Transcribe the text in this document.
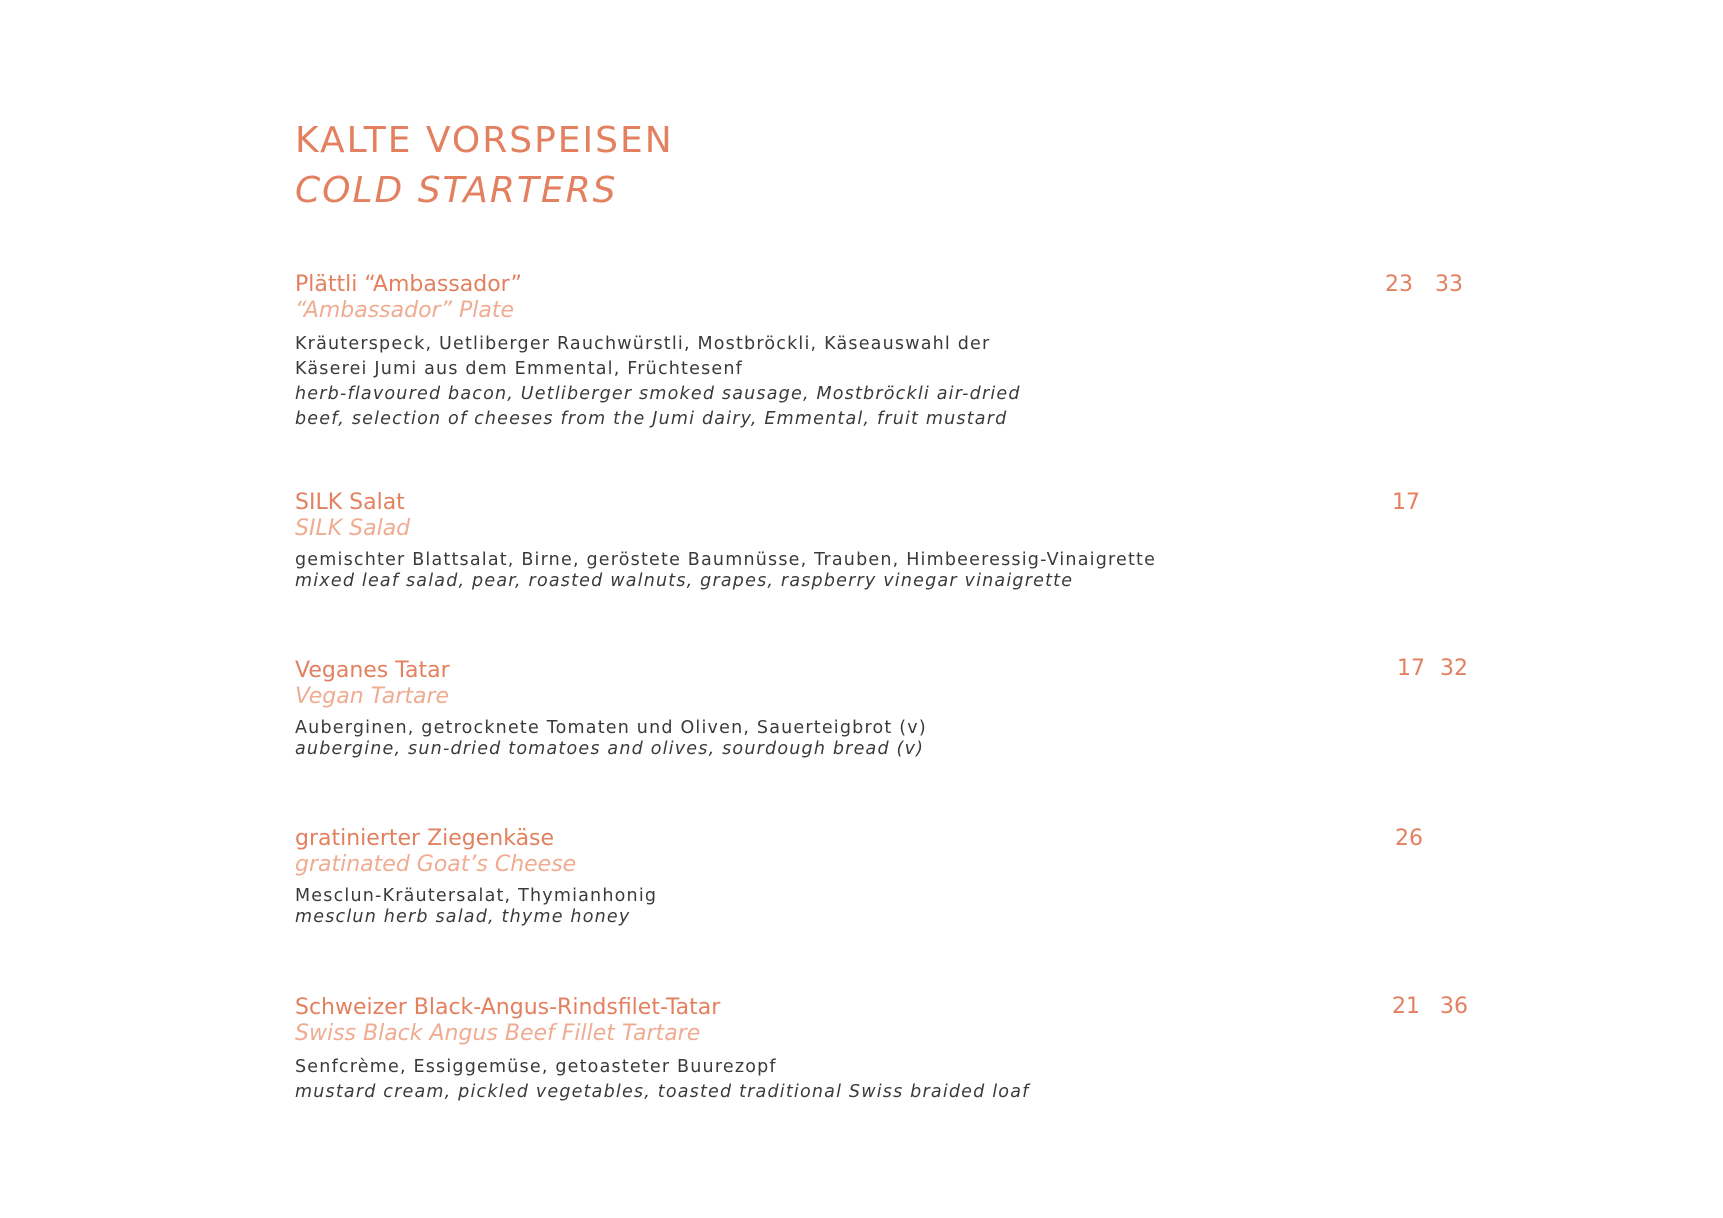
KALTE VORSPEISEN
COLD STARTERS
Plättli “Ambassador”
“Ambassador” Plate
Kräuterspeck, Uetliberger Rauchwürstli, Mostbröckli, Käseauswahl der
Käserei Jumi aus dem Emmental, Früchtesenf
herb-flavoured bacon, Uetliberger smoked sausage, Mostbröckli air-dried
beef, selection of cheeses from the Jumi dairy, Emmental, fruit mustard
23 33
SILK Salat
SILK Salad
gemischter Blattsalat, Birne, geröstete Baumnüsse, Trauben, Himbeeressig-Vinaigrette
mixed leaf salad, pear, roasted walnuts, grapes, raspberry vinegar vinaigrette
17
Veganes Tatar
Vegan Tartare
Auberginen, getrocknete Tomaten und Oliven, Sauerteigbrot (v)
aubergine, sun-dried tomatoes and olives, sourdough bread (v)
17 32
gratinierter Ziegenkäse
gratinated Goat’s Cheese
Mesclun-Kräutersalat, Thymianhonig
mesclun herb salad, thyme honey
26
Schweizer Black-Angus-Rindsfilet-Tatar
Swiss Black Angus Beef Fillet Tartare
Senfcrème, Essiggemüse, getoasteter Buurezopf
mustard cream, pickled vegetables, toasted traditional Swiss braided loaf
21 36
